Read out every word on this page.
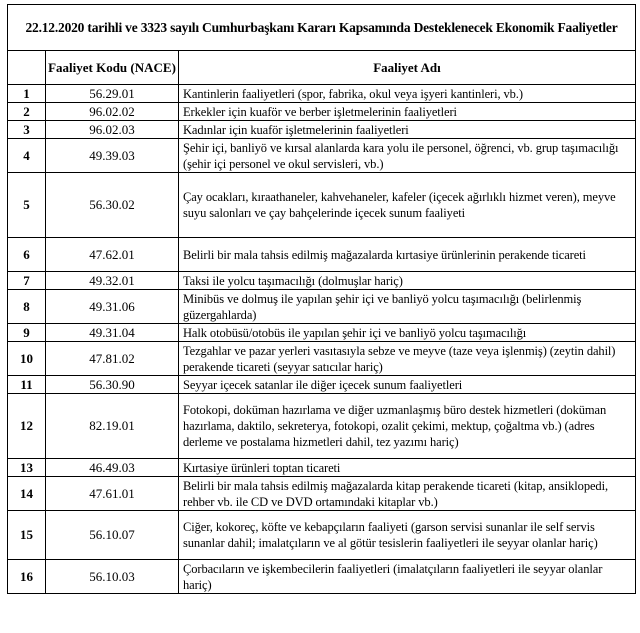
22.12.2020 tarihli ve 3323 sayılı Cumhurbaşkanı Kararı Kapsamında Desteklenecek Ekonomik Faaliyetler		
	Faaliyet Kodu (NACE)	Faaliyet Adı
1	56.29.01	Kantinlerin faaliyetleri (spor, fabrika, okul veya işyeri kantinleri, vb.)
2	96.02.02	Erkekler için kuaför ve berber işletmelerinin faaliyetleri
3	96.02.03	Kadınlar için kuaför işletmelerinin faaliyetleri
4	49.39.03	Şehir içi, banliyö ve kırsal alanlarda kara yolu ile personel, öğrenci, vb. grup taşımacılığı (şehir içi personel ve okul servisleri, vb.)
5	56.30.02	Çay ocakları, kıraathaneler, kahvehaneler, kafeler (içecek ağırlıklı hizmet veren), meyve suyu salonları ve çay bahçelerinde içecek sunum faaliyeti
6	47.62.01	Belirli bir mala tahsis edilmiş mağazalarda kırtasiye ürünlerinin perakende ticareti
7	49.32.01	Taksi ile yolcu taşımacılığı (dolmuşlar hariç)
8	49.31.06	Minibüs ve dolmuş ile yapılan şehir içi ve banliyö yolcu taşımacılığı (belirlenmiş güzergahlarda)
9	49.31.04	Halk otobüsü/otobüs ile yapılan şehir içi ve banliyö yolcu taşımacılığı
10	47.81.02	Tezgahlar ve pazar yerleri vasıtasıyla sebze ve meyve (taze veya işlenmiş) (zeytin dahil) perakende ticareti (seyyar satıcılar hariç)
11	56.30.90	Seyyar içecek satanlar ile diğer içecek sunum faaliyetleri
12	82.19.01	Fotokopi, doküman hazırlama ve diğer uzmanlaşmış büro destek hizmetleri (doküman hazırlama, daktilo, sekreterya, fotokopi, ozalit çekimi, mektup, çoğaltma vb.) (adres derleme ve postalama hizmetleri dahil, tez yazımı hariç)
13	46.49.03	Kırtasiye ürünleri toptan ticareti
14	47.61.01	Belirli bir mala tahsis edilmiş mağazalarda kitap perakende ticareti (kitap, ansiklopedi, rehber vb. ile CD ve DVD ortamındaki kitaplar vb.)
15	56.10.07	Ciğer, kokoreç, köfte ve kebapçıların faaliyeti (garson servisi sunanlar ile self servis sunanlar dahil; imalatçıların ve al götür tesislerin faaliyetleri ile seyyar olanlar hariç)
16	56.10.03	Çorbacıların ve işkembecilerin faaliyetleri (imalatçıların faaliyetleri ile seyyar olanlar hariç)
